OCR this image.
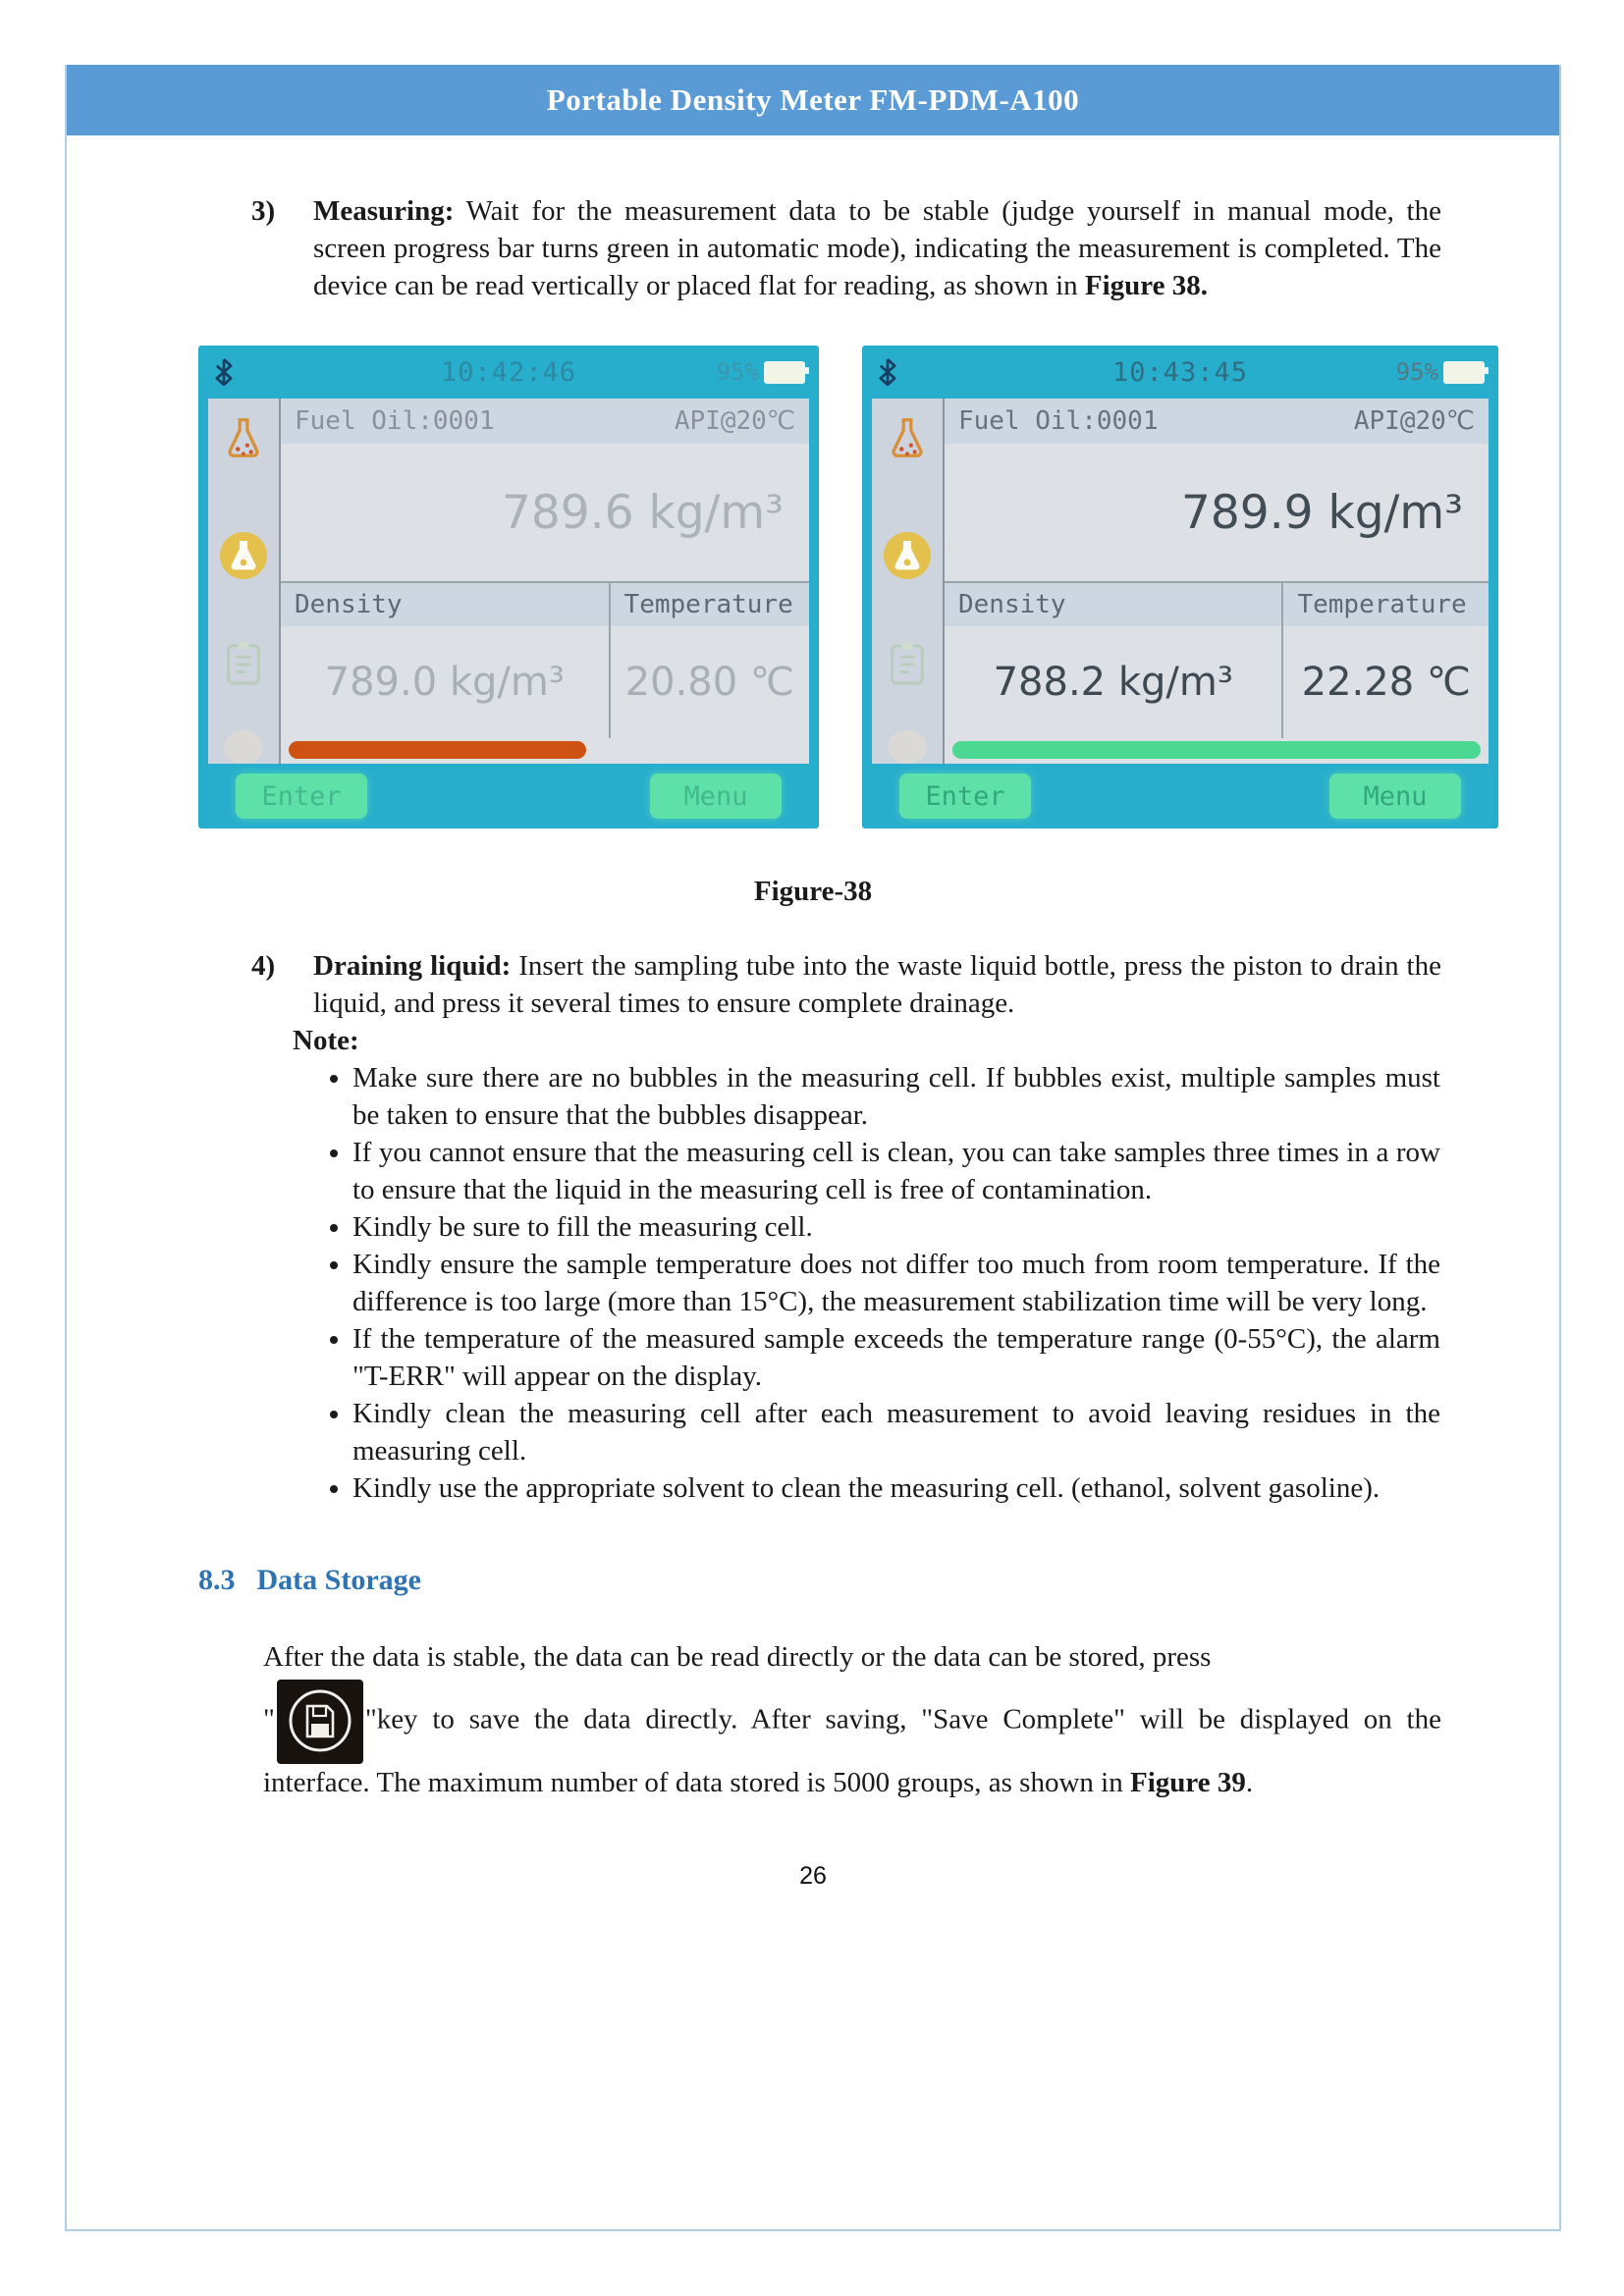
Portable Density Meter FM-PDM-A100
3)	Measuring: Wait for the measurement data to be stable (judge yourself in manual mode, the screen progress bar turns green in automatic mode), indicating the measurement is completed. The device can be read vertically or placed flat for reading, as shown in Figure 38.

10:42:46	95%
Fuel Oil:0001	API@20℃
789.6 kg/m³
Density
789.0 kg/m³
Temperature
20.80 ℃
Enter	Menu
10:43:45	95%
Fuel Oil:0001	API@20℃
789.9 kg/m³
Density
788.2 kg/m³
Temperature
22.28 ℃
Enter	Menu
Figure-38
4)	Draining liquid: Insert the sampling tube into the waste liquid bottle, press the piston to drain the liquid, and press it several times to ensure complete drainage.

Note:
• Make sure there are no bubbles in the measuring cell. If bubbles exist, multiple samples must be taken to ensure that the bubbles disappear.
• If you cannot ensure that the measuring cell is clean, you can take samples three times in a row to ensure that the liquid in the measuring cell is free of contamination.
• Kindly be sure to fill the measuring cell.
• Kindly ensure the sample temperature does not differ too much from room temperature. If the difference is too large (more than 15°C), the measurement stabilization time will be very long.
• If the temperature of the measured sample exceeds the temperature range (0-55°C), the alarm "T-ERR" will appear on the display.
• Kindly clean the measuring cell after each measurement to avoid leaving residues in the measuring cell.
• Kindly use the appropriate solvent to clean the measuring cell. (ethanol, solvent gasoline).
8.3 Data Storage

After the data is stable, the data can be read directly or the data can be stored, press

"	"key to save the data directly. After saving, "Save Complete" will be displayed on the interface. The maximum number of data stored is 5000 groups, as shown in Figure 39.

26
